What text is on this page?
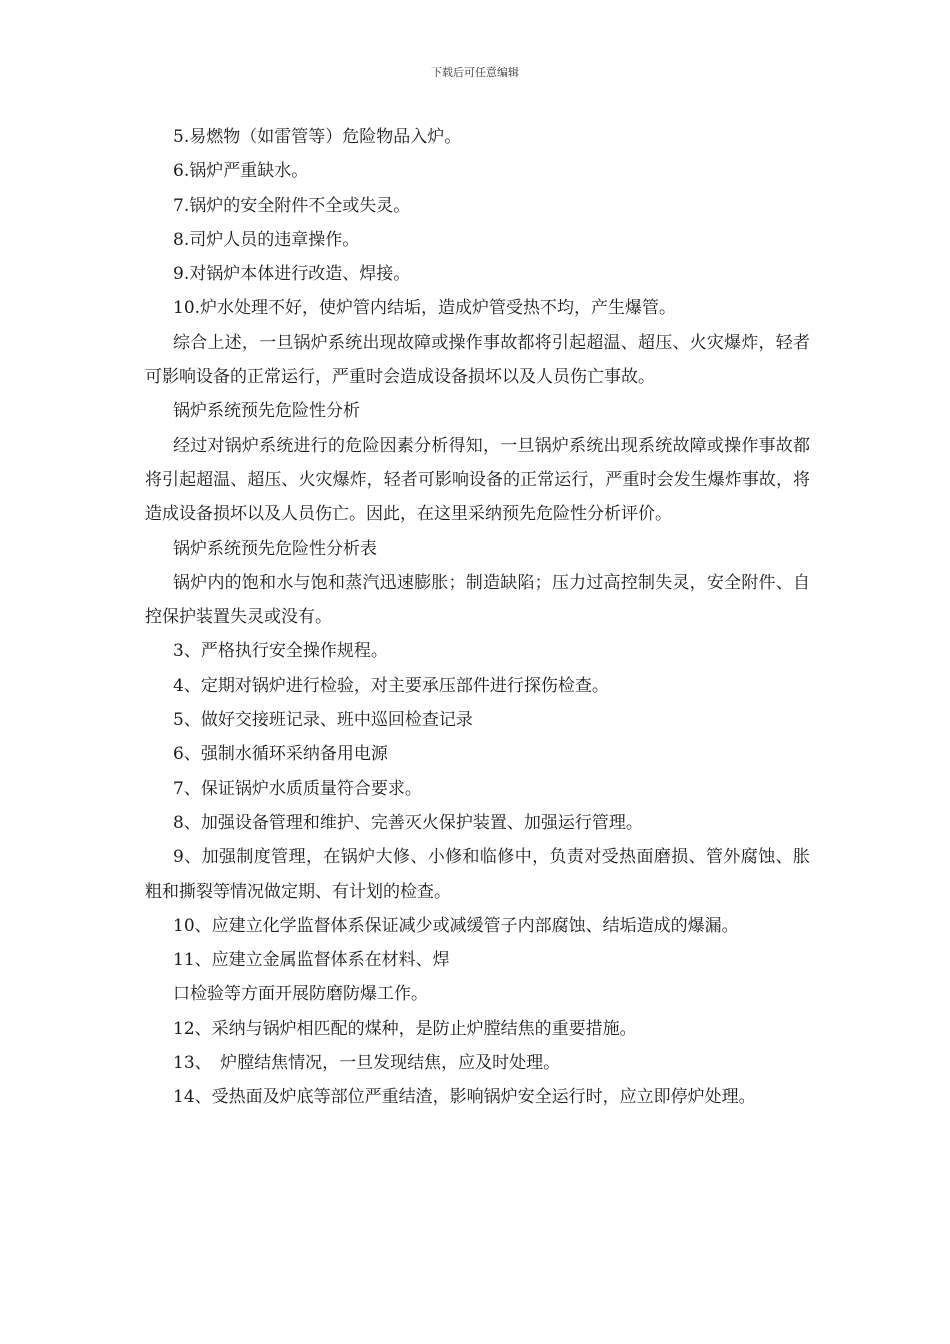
下载后可任意编辑

5.易燃物（如雷管等）危险物品入炉。

6.锅炉严重缺水。

7.锅炉的安全附件不全或失灵。

8.司炉人员的违章操作。

9.对锅炉本体进行改造、焊接。

10.炉水处理不好，使炉管内结垢，造成炉管受热不均，产生爆管。

综合上述，一旦锅炉系统出现故障或操作事故都将引起超温、超压、火灾爆炸，轻者可影响设备的正常运行，严重时会造成设备损坏以及人员伤亡事故。

锅炉系统预先危险性分析

经过对锅炉系统进行的危险因素分析得知，一旦锅炉系统出现系统故障或操作事故都将引起超温、超压、火灾爆炸，轻者可影响设备的正常运行，严重时会发生爆炸事故，将造成设备损坏以及人员伤亡。因此，在这里采纳预先危险性分析评价。

锅炉系统预先危险性分析表

锅炉内的饱和水与饱和蒸汽迅速膨胀；制造缺陷；压力过高控制失灵，安全附件、自控保护装置失灵或没有。

3、严格执行安全操作规程。

4、定期对锅炉进行检验，对主要承压部件进行探伤检查。

5、做好交接班记录、班中巡回检查记录

6、强制水循环采纳备用电源

7、保证锅炉水质质量符合要求。

8、加强设备管理和维护、完善灭火保护装置、加强运行管理。

9、加强制度管理，在锅炉大修、小修和临修中，负责对受热面磨损、管外腐蚀、胀粗和撕裂等情况做定期、有计划的检查。

10、应建立化学监督体系保证减少或减缓管子内部腐蚀、结垢造成的爆漏。

11、应建立金属监督体系在材料、焊

口检验等方面开展防磨防爆工作。

12、采纳与锅炉相匹配的煤种，是防止炉膛结焦的重要措施。

13、　炉膛结焦情况，一旦发现结焦，应及时处理。

14、受热面及炉底等部位严重结渣，影响锅炉安全运行时，应立即停炉处理。
